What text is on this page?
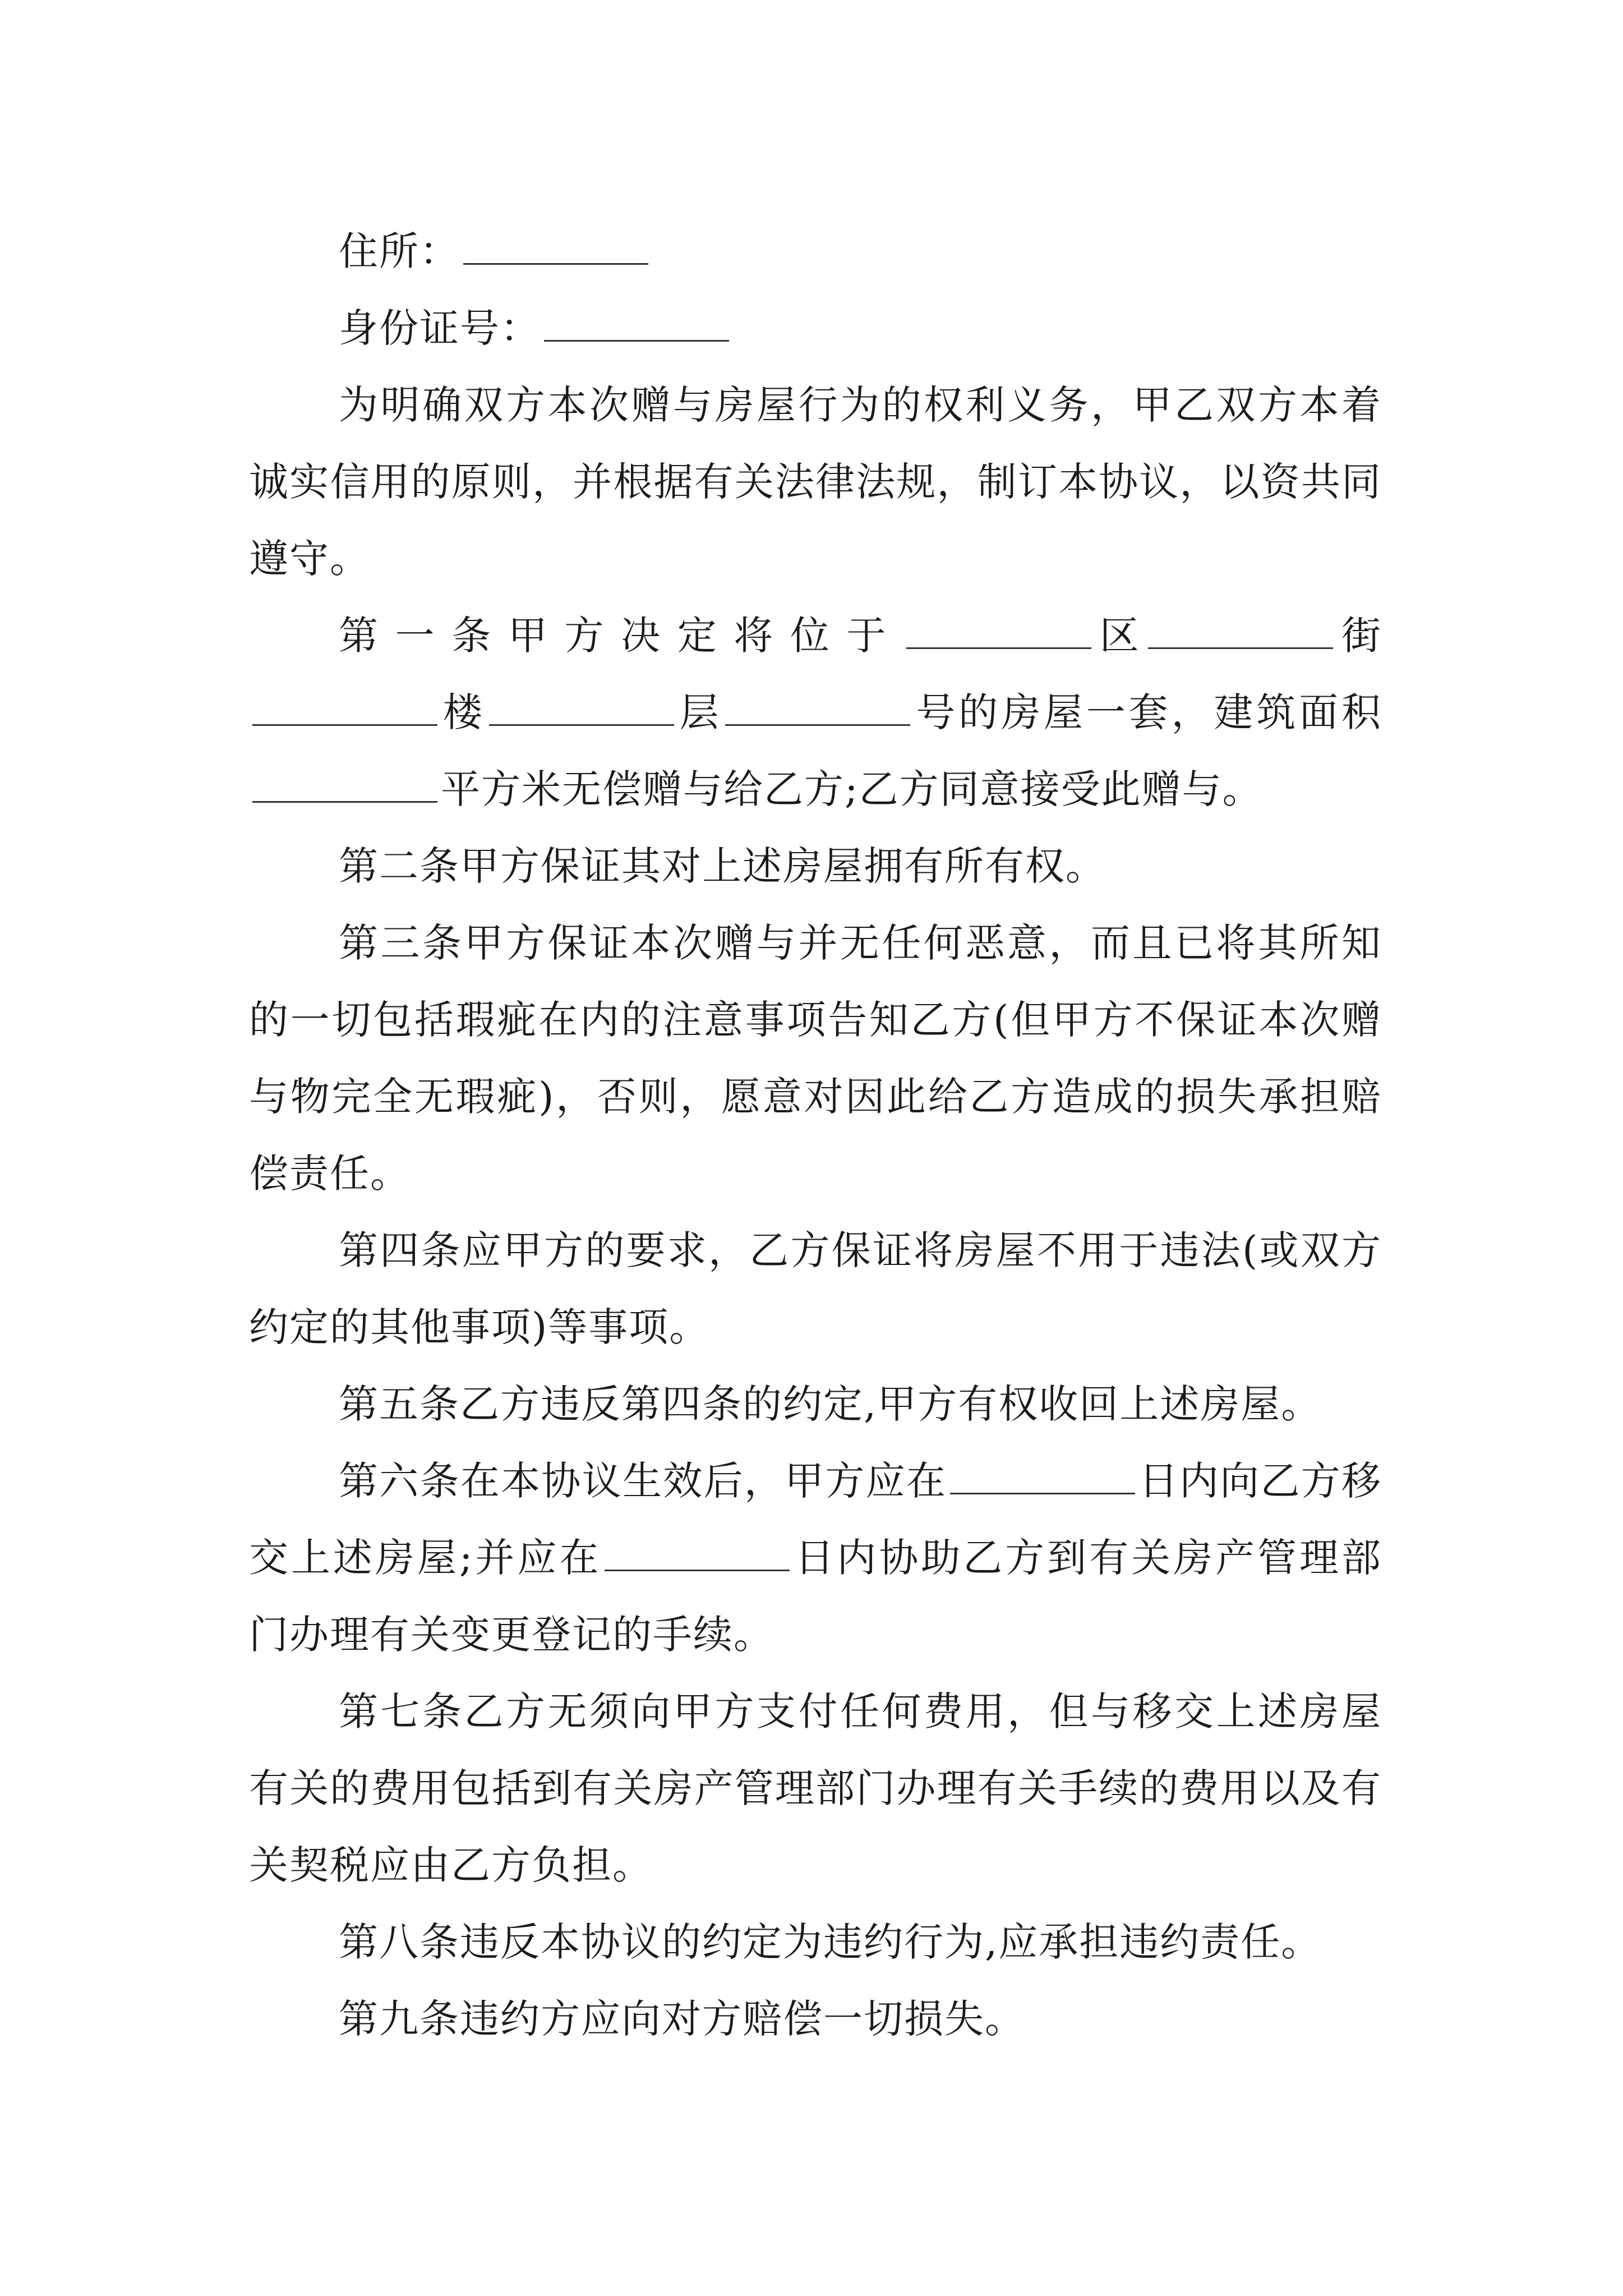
住所：

身份证号：

为明确双方本次赠与房屋行为的权利义务，甲乙双方本着诚实信用的原则，并根据有关法律法规，制订本协议，以资共同遵守。

第一条甲方决定将位于	区	街楼	层	号的房屋一套，建筑面积平方米无偿赠与给乙方;乙方同意接受此赠与。

第二条甲方保证其对上述房屋拥有所有权。

第三条甲方保证本次赠与并无任何恶意，而且已将其所知的一切包括瑕疵在内的注意事项告知乙方(但甲方不保证本次赠与物完全无瑕疵)，否则，愿意对因此给乙方造成的损失承担赔偿责任。

第四条应甲方的要求，乙方保证将房屋不用于违法(或双方约定的其他事项)等事项。

第五条乙方违反第四条的约定,甲方有权收回上述房屋。

第六条在本协议生效后，甲方应在	日内向乙方移交上述房屋;并应在	日内协助乙方到有关房产管理部门办理有关变更登记的手续。

第七条乙方无须向甲方支付任何费用，但与移交上述房屋有关的费用包括到有关房产管理部门办理有关手续的费用以及有关契税应由乙方负担。

第八条违反本协议的约定为违约行为,应承担违约责任。

第九条违约方应向对方赔偿一切损失。
